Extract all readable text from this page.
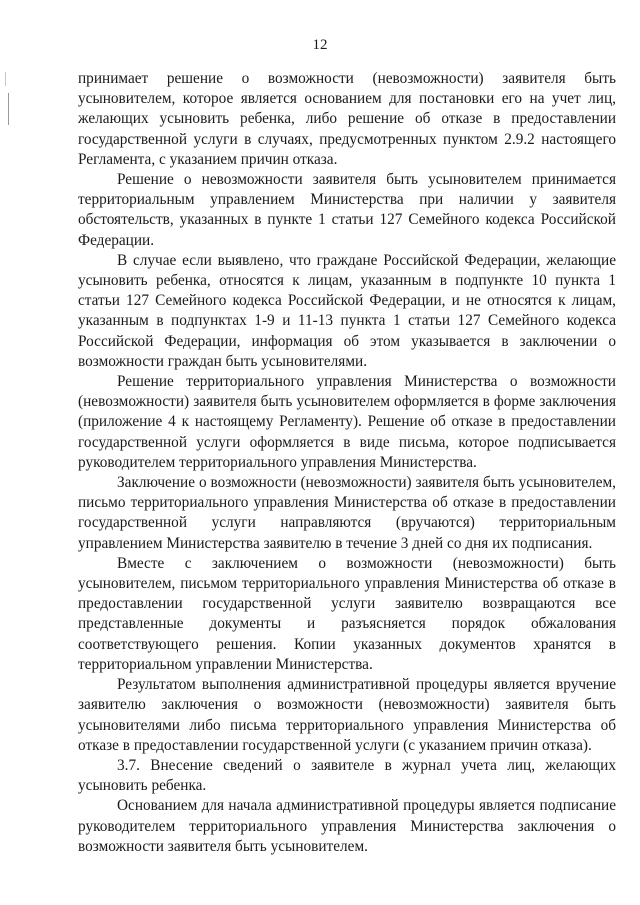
12

принимает решение о возможности (невозможности) заявителя быть усыновителем, которое является основанием для постановки его на учет лиц, желающих усыновить ребенка, либо решение об отказе в предоставлении государственной услуги в случаях, предусмотренных пунктом 2.9.2 настоящего Регламента, с указанием причин отказа.

Решение о невозможности заявителя быть усыновителем принимается территориальным управлением Министерства при наличии у заявителя обстоятельств, указанных в пункте 1 статьи 127 Семейного кодекса Российской Федерации.

В случае если выявлено, что граждане Российской Федерации, желающие усыновить ребенка, относятся к лицам, указанным в подпункте 10 пункта 1 статьи 127 Семейного кодекса Российской Федерации, и не относятся к лицам, указанным в подпунктах 1-9 и 11-13 пункта 1 статьи 127 Семейного кодекса Российской Федерации, информация об этом указывается в заключении о возможности граждан быть усыновителями.

Решение территориального управления Министерства о возможности (невозможности) заявителя быть усыновителем оформляется в форме заключения (приложение 4 к настоящему Регламенту). Решение об отказе в предоставлении государственной услуги оформляется в виде письма, которое подписывается руководителем территориального управления Министерства.

Заключение о возможности (невозможности) заявителя быть усыновителем, письмо территориального управления Министерства об отказе в предоставлении государственной услуги направляются (вручаются) территориальным управлением Министерства заявителю в течение 3 дней со дня их подписания.

Вместе с заключением о возможности (невозможности) быть усыновителем, письмом территориального управления Министерства об отказе в предоставлении государственной услуги заявителю возвращаются все представленные документы и разъясняется порядок обжалования соответствующего решения. Копии указанных документов хранятся в территориальном управлении Министерства.

Результатом выполнения административной процедуры является вручение заявителю заключения о возможности (невозможности) заявителя быть усыновителями либо письма территориального управления Министерства об отказе в предоставлении государственной услуги (с указанием причин отказа).

3.7. Внесение сведений о заявителе в журнал учета лиц, желающих усыновить ребенка.

Основанием для начала административной процедуры является подписание руководителем территориального управления Министерства заключения о возможности заявителя быть усыновителем.
